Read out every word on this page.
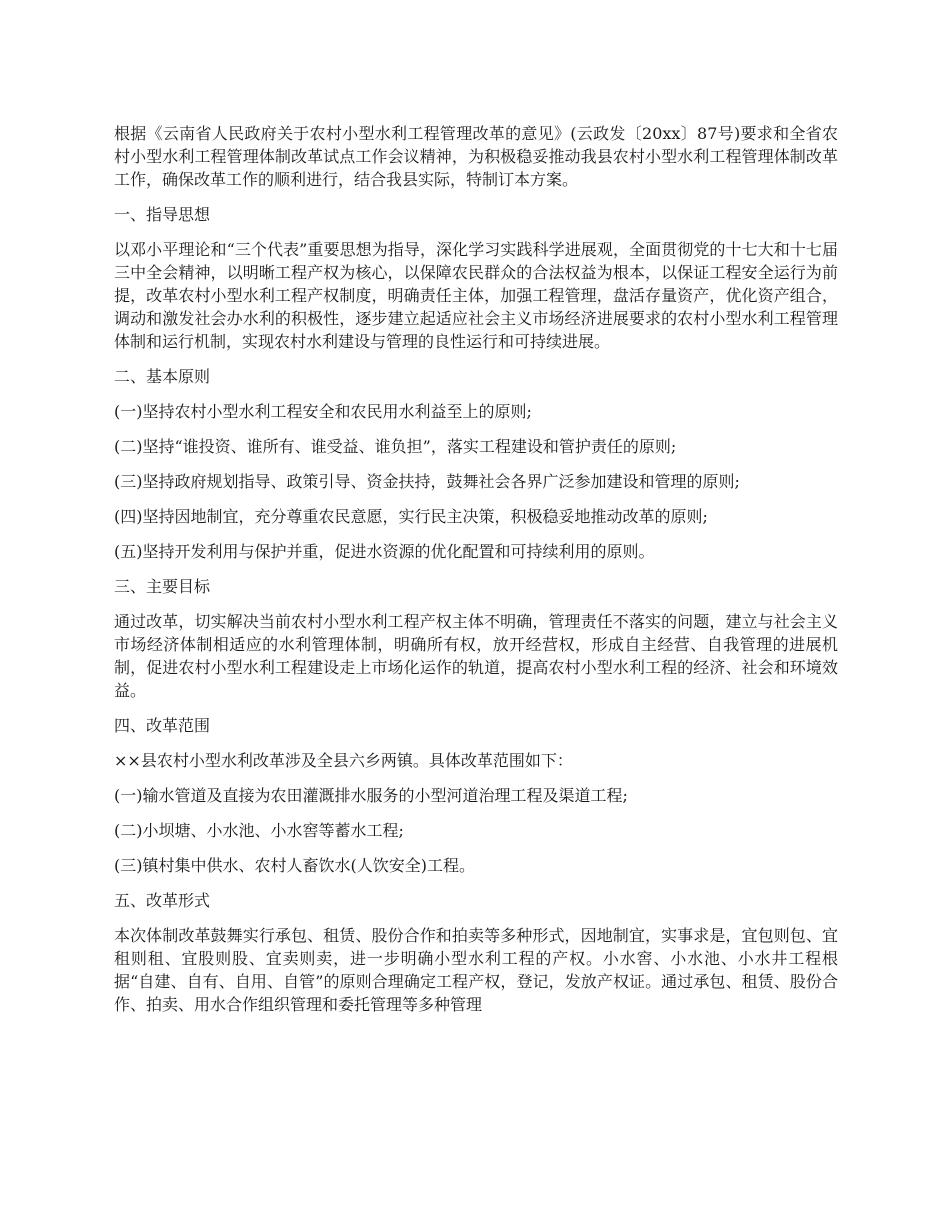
根据《云南省人民政府关于农村小型水利工程管理改革的意见》(云政发〔20xx〕87号)要求和全省农村小型水利工程管理体制改革试点工作会议精神，为积极稳妥推动我县农村小型水利工程管理体制改革工作，确保改革工作的顺利进行，结合我县实际，特制订本方案。

一、指导思想

以邓小平理论和“三个代表”重要思想为指导，深化学习实践科学进展观，全面贯彻党的十七大和十七届三中全会精神，以明晰工程产权为核心，以保障农民群众的合法权益为根本，以保证工程安全运行为前提，改革农村小型水利工程产权制度，明确责任主体，加强工程管理，盘活存量资产，优化资产组合，调动和激发社会办水利的积极性，逐步建立起适应社会主义市场经济进展要求的农村小型水利工程管理体制和运行机制，实现农村水利建设与管理的良性运行和可持续进展。

二、基本原则

(一)坚持农村小型水利工程安全和农民用水利益至上的原则;

(二)坚持“谁投资、谁所有、谁受益、谁负担”，落实工程建设和管护责任的原则;

(三)坚持政府规划指导、政策引导、资金扶持，鼓舞社会各界广泛参加建设和管理的原则;

(四)坚持因地制宜，充分尊重农民意愿，实行民主决策，积极稳妥地推动改革的原则;

(五)坚持开发利用与保护并重，促进水资源的优化配置和可持续利用的原则。

三、主要目标

通过改革，切实解决当前农村小型水利工程产权主体不明确，管理责任不落实的问题，建立与社会主义市场经济体制相适应的水利管理体制，明确所有权，放开经营权，形成自主经营、自我管理的进展机制，促进农村小型水利工程建设走上市场化运作的轨道，提高农村小型水利工程的经济、社会和环境效益。

四、改革范围

××县农村小型水利改革涉及全县六乡两镇。具体改革范围如下：

(一)输水管道及直接为农田灌溉排水服务的小型河道治理工程及渠道工程;

(二)小坝塘、小水池、小水窖等蓄水工程;

(三)镇村集中供水、农村人畜饮水(人饮安全)工程。

五、改革形式

本次体制改革鼓舞实行承包、租赁、股份合作和拍卖等多种形式，因地制宜，实事求是，宜包则包、宜租则租、宜股则股、宜卖则卖，进一步明确小型水利工程的产权。小水窖、小水池、小水井工程根据“自建、自有、自用、自管”的原则合理确定工程产权，登记，发放产权证。通过承包、租赁、股份合作、拍卖、用水合作组织管理和委托管理等多种管理
